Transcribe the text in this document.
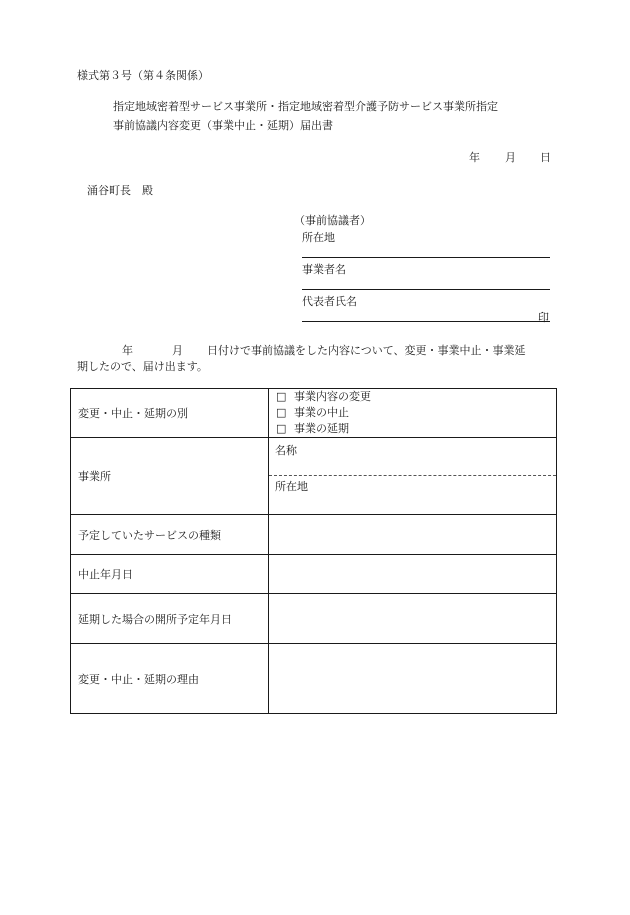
様式第３号（第４条関係）
指定地域密着型サービス事業所・指定地域密着型介護予防サービス事業所指定
事前協議内容変更（事業中止・延期）届出書
年 月 日
涌谷町長　殿
（事前協議者）
所在地
事業者名
代表者氏名
印
年	月 日付けで事前協議をした内容について、変更・事業中止・事業延
期したので、届け出ます。
変更・中止・延期の別	□ 事業内容の変更
□ 事業の中止
□ 事業の延期

事業所	名称
所在地

予定していたサービスの種類	
中止年月日	
延期した場合の開所予定年月日	
変更・中止・延期の理由	
